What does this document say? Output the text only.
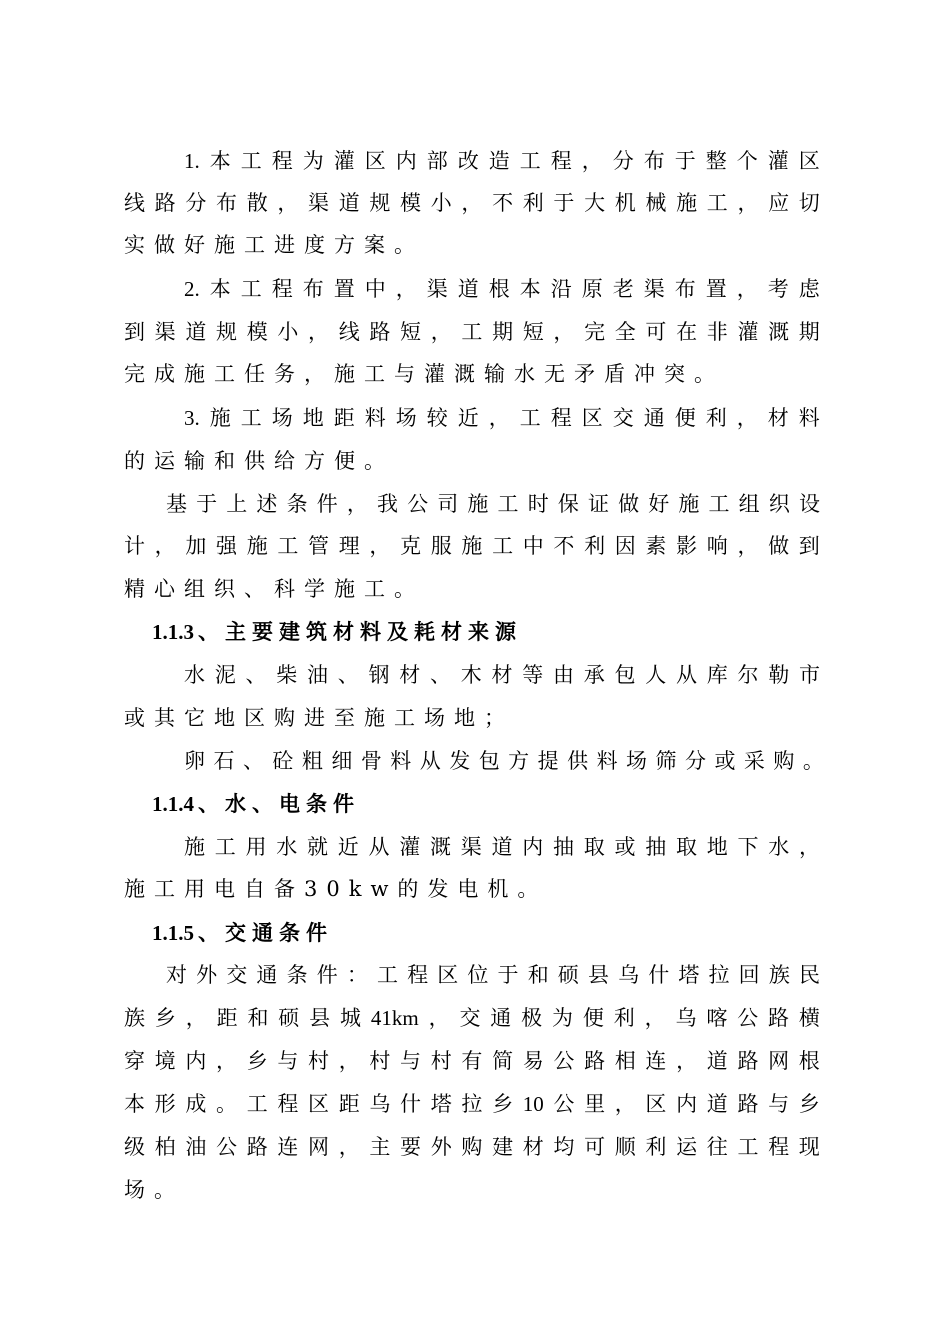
1. 本 工 程 为 灌 区 内 部 改 造 工 程 ， 分 布 于 整 个 灌 区
线 路 分 布 散 ， 渠 道 规 模 小 ， 不 利 于 大 机 械 施 工 ， 应 切
实做好施工进度方案。
2. 本 工 程 布 置 中 ， 渠 道 根 本 沿 原 老 渠 布 置 ， 考 虑
到 渠 道 规 模 小 ， 线 路 短 ， 工 期 短 ， 完 全 可 在 非 灌 溉 期
完成施工任务，施工与灌溉输水无矛盾冲突。
3. 施 工 场 地 距 料 场 较 近 ， 工 程 区 交 通 便 利 ， 材 料
的运输和供给方便。
基 于 上 述 条 件 ， 我 公 司 施 工 时 保 证 做 好 施 工 组 织 设
计 ， 加 强 施 工 管 理 ， 克 服 施 工 中 不 利 因 素 影 响 ， 做 到
精心组织、科学施工。
1.1.3 、主要建筑材料及耗材来源
水 泥 、 柴 油 、 钢 材 、 木 材 等 由 承 包 人 从 库 尔 勒 市
或其它地区购进至施工场地；
卵 石 、 砼 粗 细 骨 料 从 发 包 方 提 供 料 场 筛 分 或 采 购 。
1.1.4 、水、电条件
施 工 用 水 就 近 从 灌 溉 渠 道 内 抽 取 或 抽 取 地 下 水 ，
施工用电自备30kw的发电机。
1.1.5 、交通条件
对 外 交 通 条 件 ： 工 程 区 位 于 和 硕 县 乌 什 塔 拉 回 族 民
族 乡 ， 距 和 硕 县 城 41km ， 交 通 极 为 便 利 ， 乌 喀 公 路 横
穿 境 内 ， 乡 与 村 ， 村 与 村 有 简 易 公 路 相 连 ， 道 路 网 根
本 形 成 。 工 程 区 距 乌 什 塔 拉 乡 10 公 里 ， 区 内 道 路 与 乡
级 柏 油 公 路 连 网 ， 主 要 外 购 建 材 均 可 顺 利 运 往 工 程 现
场。
